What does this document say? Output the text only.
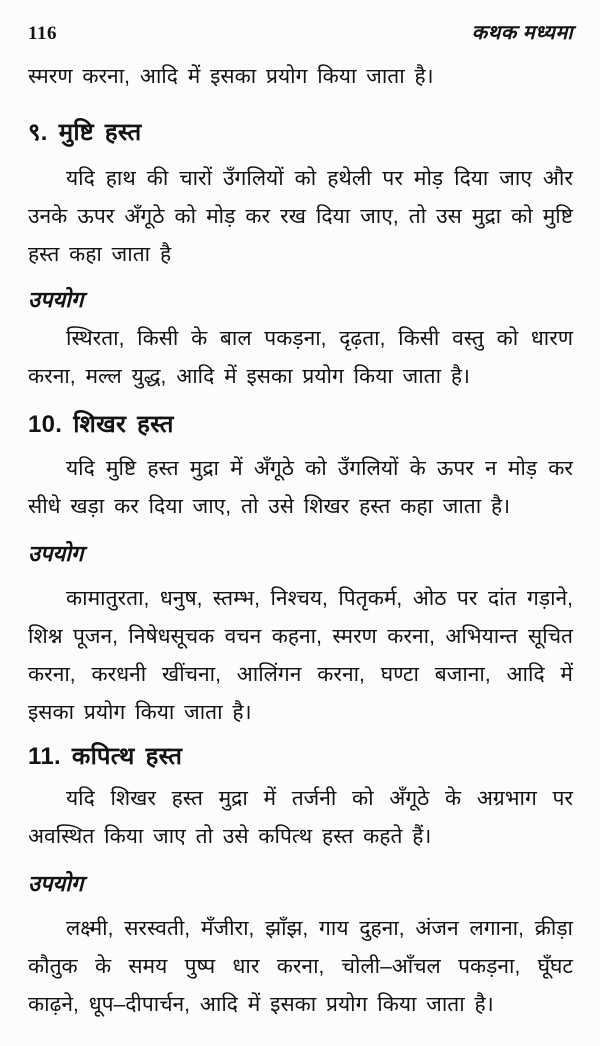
116	कथक मध्यमा

स्मरण करना, आदि में इसका प्रयोग किया जाता है।

९. मुष्टि हस्त

यदि हाथ की चारों उँगलियों को हथेली पर मोड़ दिया जाए और उनके ऊपर अँगूठे को मोड़ कर रख दिया जाए, तो उस मुद्रा को मुष्टि हस्त कहा जाता है

उपयोग

स्थिरता, किसी के बाल पकड़ना, दृढ़ता, किसी वस्तु को धारण करना, मल्ल युद्ध, आदि में इसका प्रयोग किया जाता है।

10. शिखर हस्त

यदि मुष्टि हस्त मुद्रा में अँगूठे को उँगलियों के ऊपर न मोड़ कर सीधे खड़ा कर दिया जाए, तो उसे शिखर हस्त कहा जाता है।

उपयोग

कामातुरता, धनुष, स्तम्भ, निश्चय, पितृकर्म, ओठ पर दांत गड़ाने, शिश्न पूजन, निषेधसूचक वचन कहना, स्मरण करना, अभियान्त सूचित करना, करधनी खींचना, आलिंगन करना, घण्टा बजाना, आदि में इसका प्रयोग किया जाता है।

11. कपित्थ हस्त

यदि शिखर हस्त मुद्रा में तर्जनी को अँगूठे के अग्रभाग पर अवस्थित किया जाए तो उसे कपित्थ हस्त कहते हैं।

उपयोग

लक्ष्मी, सरस्वती, मँजीरा, झाँझ, गाय दुहना, अंजन लगाना, क्रीड़ा कौतुक के समय पुष्प धार करना, चोली–आँचल पकड़ना, घूँघट काढ़ने, धूप–दीपार्चन, आदि में इसका प्रयोग किया जाता है।
